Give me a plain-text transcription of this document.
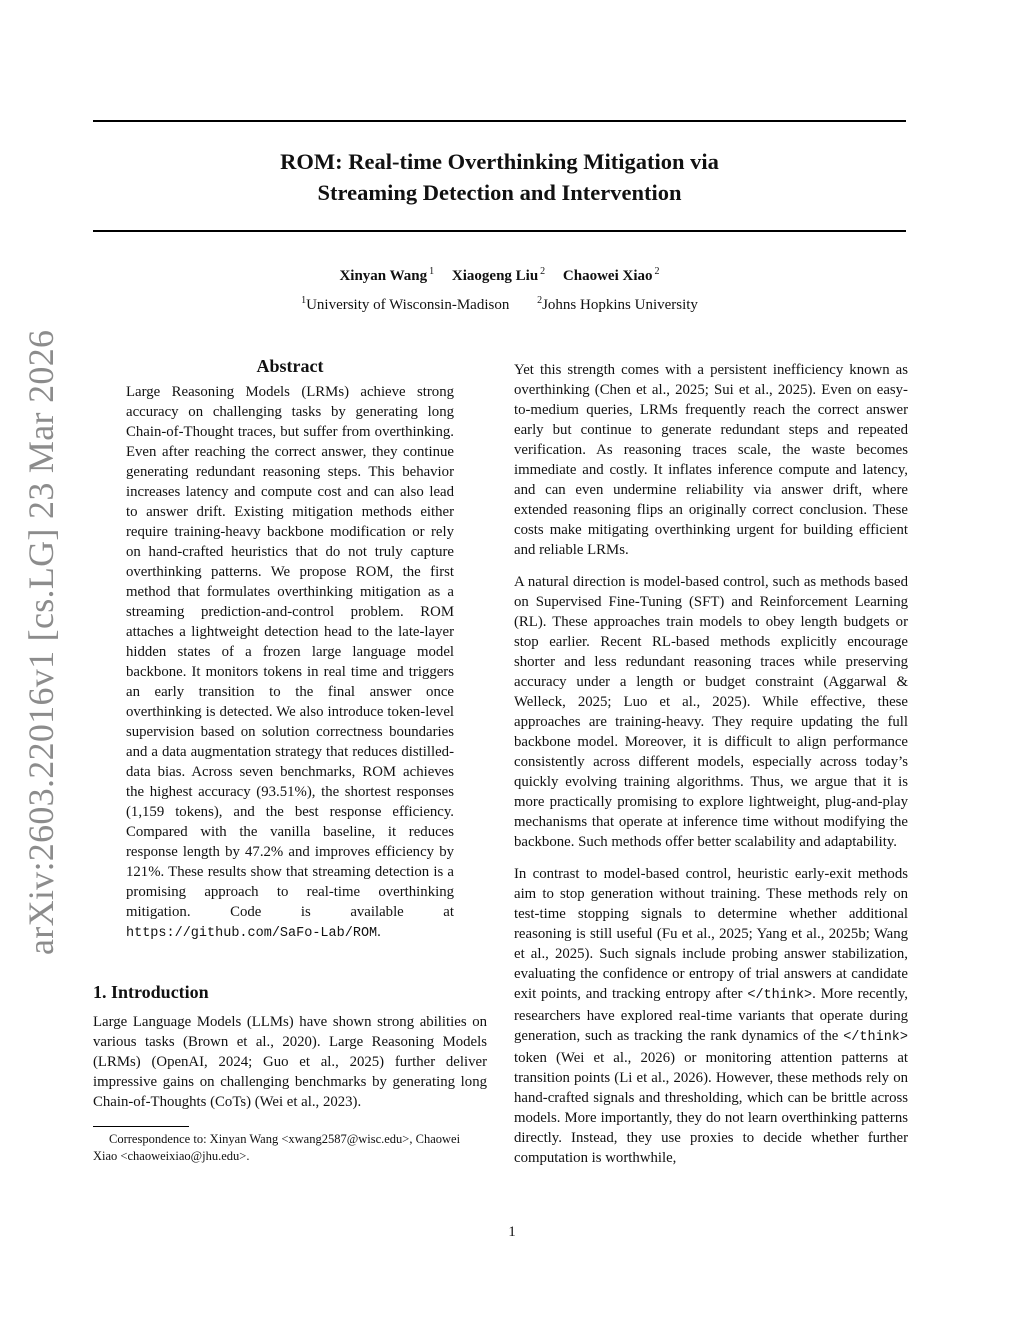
ROM: Real-time Overthinking Mitigation via
Streaming Detection and Intervention
Xinyan Wang $^1$ Xiaogeng Liu $^2$ Chaowei Xiao $^2$
$^1$University of Wisconsin-Madison	$^2$Johns Hopkins University
arXiv:2603.22016v1 [cs.LG] 23 Mar 2026	Abstract
Large Reasoning Models (LRMs) achieve strong accuracy on challenging tasks by generating long Chain-of-Thought traces, but suffer from overthinking. Even after reaching the correct answer, they continue generating redundant reasoning steps. This behavior increases latency and compute cost and can also lead to answer drift. Existing mitigation methods either require training-heavy backbone modification or rely on hand-crafted heuristics that do not truly capture overthinking patterns. We propose ROM, the first method that formulates overthinking mitigation as a streaming prediction-and-control problem. ROM attaches a lightweight detection head to the late-layer hidden states of a frozen large language model backbone. It monitors tokens in real time and triggers an early transition to the final answer once overthinking is detected. We also introduce token-level supervision based on solution correctness boundaries and a data augmentation strategy that reduces distilled-data bias. Across seven benchmarks, ROM achieves the highest accuracy (93.51%), the shortest responses (1,159 tokens), and the best response efficiency. Compared with the vanilla baseline, it reduces response length by 47.2% and improves efficiency by 121%. These results show that streaming detection is a promising approach to real-time overthinking mitigation. Code is available at https://github.com/SaFo-Lab/ROM.
1. Introduction
Large Language Models (LLMs) have shown strong abilities on various tasks (Brown et al., 2020). Large Reasoning Models (LRMs) (OpenAI, 2024; Guo et al., 2025) further deliver impressive gains on challenging benchmarks by generating long Chain-of-Thoughts (CoTs) (Wei et al., 2023).
Correspondence to: Xinyan Wang <xwang2587@wisc.edu>, Chaowei Xiao <chaoweixiao@jhu.edu>.
Yet this strength comes with a persistent inefficiency known as overthinking (Chen et al., 2025; Sui et al., 2025). Even on easy-to-medium queries, LRMs frequently reach the correct answer early but continue to generate redundant steps and repeated verification. As reasoning traces scale, the waste becomes immediate and costly. It inflates inference compute and latency, and can even undermine reliability via answer drift, where extended reasoning flips an originally correct conclusion. These costs make mitigating overthinking urgent for building efficient and reliable LRMs.
A natural direction is model-based control, such as methods based on Supervised Fine-Tuning (SFT) and Reinforcement Learning (RL). These approaches train models to obey length budgets or stop earlier. Recent RL-based methods explicitly encourage shorter and less redundant reasoning traces while preserving accuracy under a length or budget constraint (Aggarwal & Welleck, 2025; Luo et al., 2025). While effective, these approaches are training-heavy. They require updating the full backbone model. Moreover, it is difficult to align performance consistently across different models, especially across today’s quickly evolving training algorithms. Thus, we argue that it is more practically promising to explore lightweight, plug-and-play mechanisms that operate at inference time without modifying the backbone. Such methods offer better scalability and adaptability.
In contrast to model-based control, heuristic early-exit methods aim to stop generation without training. These methods rely on test-time stopping signals to determine whether additional reasoning is still useful (Fu et al., 2025; Yang et al., 2025b; Wang et al., 2025). Such signals include probing answer stabilization, evaluating the confidence or entropy of trial answers at candidate exit points, and tracking entropy after </think>. More recently, researchers have explored real-time variants that operate during generation, such as tracking the rank dynamics of the </think> token (Wei et al., 2026) or monitoring attention patterns at transition points (Li et al., 2026). However, these methods rely on hand-crafted signals and thresholding, which can be brittle across models. More importantly, they do not learn overthinking patterns directly. Instead, they use proxies to decide whether further computation is worthwhile,
1
